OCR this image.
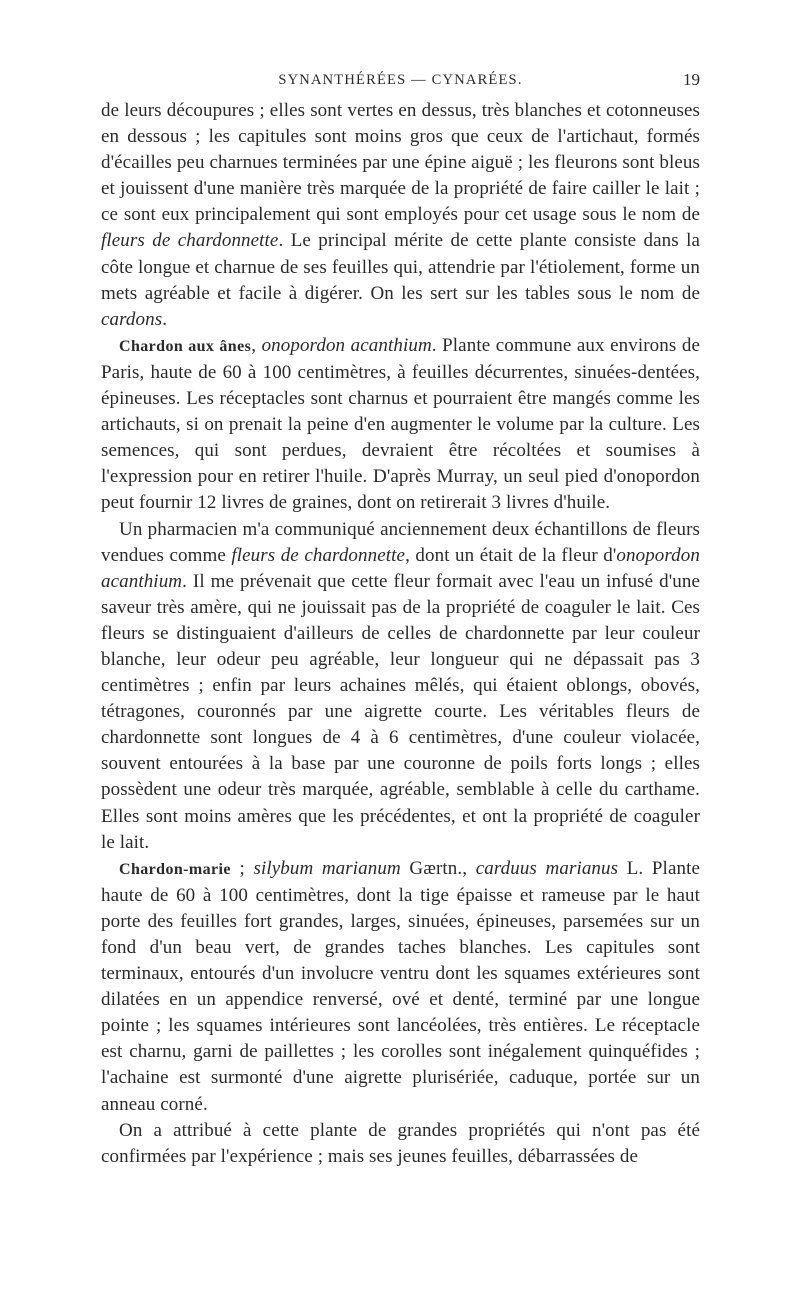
SYNANTHÉRÉES — CYNARÉES.	19

de leurs découpures ; elles sont vertes en dessus, très blanches et cotonneuses en dessous ; les capitules sont moins gros que ceux de l'artichaut, formés d'écailles peu charnues terminées par une épine aiguë ; les fleurons sont bleus et jouissent d'une manière très marquée de la propriété de faire cailler le lait ; ce sont eux principalement qui sont employés pour cet usage sous le nom de fleurs de chardonnette. Le principal mérite de cette plante consiste dans la côte longue et charnue de ses feuilles qui, attendrie par l'étiolement, forme un mets agréable et facile à digérer. On les sert sur les tables sous le nom de cardons.

Chardon aux ânes, onopordon acanthium. Plante commune aux environs de Paris, haute de 60 à 100 centimètres, à feuilles décurrentes, sinuées-dentées, épineuses. Les réceptacles sont charnus et pourraient être mangés comme les artichauts, si on prenait la peine d'en augmenter le volume par la culture. Les semences, qui sont perdues, devraient être récoltées et soumises à l'expression pour en retirer l'huile. D'après Murray, un seul pied d'onopordon peut fournir 12 livres de graines, dont on retirerait 3 livres d'huile.

Un pharmacien m'a communiqué anciennement deux échantillons de fleurs vendues comme fleurs de chardonnette, dont un était de la fleur d'onopordon acanthium. Il me prévenait que cette fleur formait avec l'eau un infusé d'une saveur très amère, qui ne jouissait pas de la propriété de coaguler le lait. Ces fleurs se distinguaient d'ailleurs de celles de chardonnette par leur couleur blanche, leur odeur peu agréable, leur longueur qui ne dépassait pas 3 centimètres ; enfin par leurs achaines mêlés, qui étaient oblongs, obovés, tétragones, couronnés par une aigrette courte. Les véritables fleurs de chardonnette sont longues de 4 à 6 centimètres, d'une couleur violacée, souvent entourées à la base par une couronne de poils forts longs ; elles possèdent une odeur très marquée, agréable, semblable à celle du carthame. Elles sont moins amères que les précédentes, et ont la propriété de coaguler le lait.

Chardon-marie ; silybum marianum Gærtn., carduus marianus L. Plante haute de 60 à 100 centimètres, dont la tige épaisse et rameuse par le haut porte des feuilles fort grandes, larges, sinuées, épineuses, parsemées sur un fond d'un beau vert, de grandes taches blanches. Les capitules sont terminaux, entourés d'un involucre ventru dont les squames extérieures sont dilatées en un appendice renversé, ové et denté, terminé par une longue pointe ; les squames intérieures sont lancéolées, très entières. Le réceptacle est charnu, garni de paillettes ; les corolles sont inégalement quinquéfides ; l'achaine est surmonté d'une aigrette plurisériée, caduque, portée sur un anneau corné.

On a attribué à cette plante de grandes propriétés qui n'ont pas été confirmées par l'expérience ; mais ses jeunes feuilles, débarrassées de
